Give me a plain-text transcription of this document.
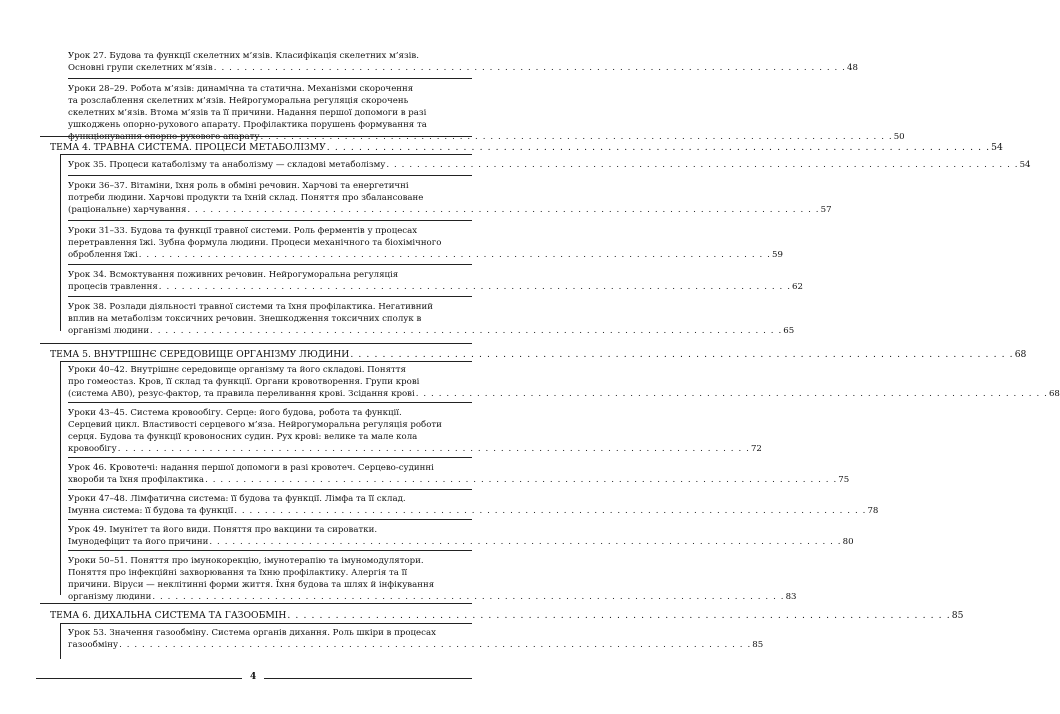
Урок 27. Будова та функції скелетних м’язів. Класифікація скелетних м’язів.
Основні групи скелетних м’язів . . . . . . . . . . . . . . . . . . . . . . . . . . . . . . . . . . . . . . . . . . . . . . . . . . . . . . . . . . . . . . . . . . . . . . . . . . . . . . . . . . . 48
Уроки 28–29. Робота м’язів: динамічна та статична. Механізми скорочення
та розслаблення скелетних м’язів. Нейрогуморальна регуляція скорочень
скелетних м’язів. Втома м’язів та її причини. Надання першої допомоги в разі
ушкоджень опорно-рухового апарату. Профілактика порушень формування та
функціонування опорно-рухового апарату . . . . . . . . . . . . . . . . . . . . . . . . . . . . . . . . . . . . . . . . . . . . . . . . . . . . . . . . . . . . . . . . . . . . . . . . . . . . . . . . . . . 50
ТЕМА 4. ТРАВНА СИСТЕМА. ПРОЦЕСИ МЕТАБОЛІЗМУ . . . . . . . . . . . . . . . . . . . . . . . . . . . . . . . . . . . . . . . . . . . . . . . . . . . . . . . . . . . . . . . . . . . . . . . . . . . . . . . . . . . 54
Урок 35. Процеси катаболізму та анаболізму — складові метаболізму . . . . . . . . . . . . . . . . . . . . . . . . . . . . . . . . . . . . . . . . . . . . . . . . . . . . . . . . . . . . . . . . . . . . . . . . . . . . . . . . . . . 54
Уроки 36–37. Вітаміни, їхня роль в обміні речовин. Харчові та енергетичні
потреби людини. Харчові продукти та їхній склад. Поняття про збалансоване
(раціональне) харчування . . . . . . . . . . . . . . . . . . . . . . . . . . . . . . . . . . . . . . . . . . . . . . . . . . . . . . . . . . . . . . . . . . . . . . . . . . . . . . . . . . . 57
Уроки 31–33. Будова та функції травної системи. Роль ферментів у процесах
перетравлення їжі. Зубна формула людини. Процеси механічного та біохімічного
оброблення їжі . . . . . . . . . . . . . . . . . . . . . . . . . . . . . . . . . . . . . . . . . . . . . . . . . . . . . . . . . . . . . . . . . . . . . . . . . . . . . . . . . . . 59
Урок 34. Всмоктування поживних речовин. Нейрогуморальна регуляція
процесів травлення . . . . . . . . . . . . . . . . . . . . . . . . . . . . . . . . . . . . . . . . . . . . . . . . . . . . . . . . . . . . . . . . . . . . . . . . . . . . . . . . . . . 62
Урок 38. Розлади діяльності травної системи та їхня профілактика. Негативний
вплив на метаболізм токсичних речовин. Знешкодження токсичних сполук в
організмі людини . . . . . . . . . . . . . . . . . . . . . . . . . . . . . . . . . . . . . . . . . . . . . . . . . . . . . . . . . . . . . . . . . . . . . . . . . . . . . . . . . . . 65
ТЕМА 5. ВНУТРІШНЄ СЕРЕДОВИЩЕ ОРГАНІЗМУ ЛЮДИНИ . . . . . . . . . . . . . . . . . . . . . . . . . . . . . . . . . . . . . . . . . . . . . . . . . . . . . . . . . . . . . . . . . . . . . . . . . . . . . . . . . . . 68
Уроки 40–42. Внутрішнє середовище організму та його складові. Поняття
про гомеостаз. Кров, її склад та функції. Органи кровотворення. Групи крові
(система AB0), резус-фактор, та правила переливання крові. Зсідання крові . . . . . . . . . . . . . . . . . . . . . . . . . . . . . . . . . . . . . . . . . . . . . . . . . . . . . . . . . . . . . . . . . . . . . . . . . . . . . . . . . . . 68
Уроки 43–45. Система кровообігу. Серце: його будова, робота та функції.
Серцевий цикл. Властивості серцевого м’яза. Нейрогуморальна регуляція роботи
серця. Будова та функції кровоносних судин. Рух крові: велике та мале кола
кровообігу . . . . . . . . . . . . . . . . . . . . . . . . . . . . . . . . . . . . . . . . . . . . . . . . . . . . . . . . . . . . . . . . . . . . . . . . . . . . . . . . . . . 72
Урок 46. Кровотечі: надання першої допомоги в разі кровотеч. Серцево-судинні
хвороби та їхня профілактика . . . . . . . . . . . . . . . . . . . . . . . . . . . . . . . . . . . . . . . . . . . . . . . . . . . . . . . . . . . . . . . . . . . . . . . . . . . . . . . . . . . 75
Уроки 47–48. Лімфатична система: її будова та функції. Лімфа та її склад.
Імунна система: її будова та функції . . . . . . . . . . . . . . . . . . . . . . . . . . . . . . . . . . . . . . . . . . . . . . . . . . . . . . . . . . . . . . . . . . . . . . . . . . . . . . . . . . . 78
Урок 49. Імунітет та його види. Поняття про вакцини та сироватки.
Імунодефіцит та його причини . . . . . . . . . . . . . . . . . . . . . . . . . . . . . . . . . . . . . . . . . . . . . . . . . . . . . . . . . . . . . . . . . . . . . . . . . . . . . . . . . . . 80
Уроки 50–51. Поняття про імунокорекцію, імунотерапію та імуномодулятори.
Поняття про інфекційні захворювання та їхню профілактику. Алергія та її
причини. Віруси — неклітинні форми життя. Їхня будова та шлях й інфікування
організму людини . . . . . . . . . . . . . . . . . . . . . . . . . . . . . . . . . . . . . . . . . . . . . . . . . . . . . . . . . . . . . . . . . . . . . . . . . . . . . . . . . . . 83
ТЕМА 6. ДИХАЛЬНА СИСТЕМА ТА ГАЗООБМІН . . . . . . . . . . . . . . . . . . . . . . . . . . . . . . . . . . . . . . . . . . . . . . . . . . . . . . . . . . . . . . . . . . . . . . . . . . . . . . . . . . . 85
Урок 53. Значення газообміну. Система органів дихання. Роль шкіри в процесах
газообміну . . . . . . . . . . . . . . . . . . . . . . . . . . . . . . . . . . . . . . . . . . . . . . . . . . . . . . . . . . . . . . . . . . . . . . . . . . . . . . . . . . . 85
4
